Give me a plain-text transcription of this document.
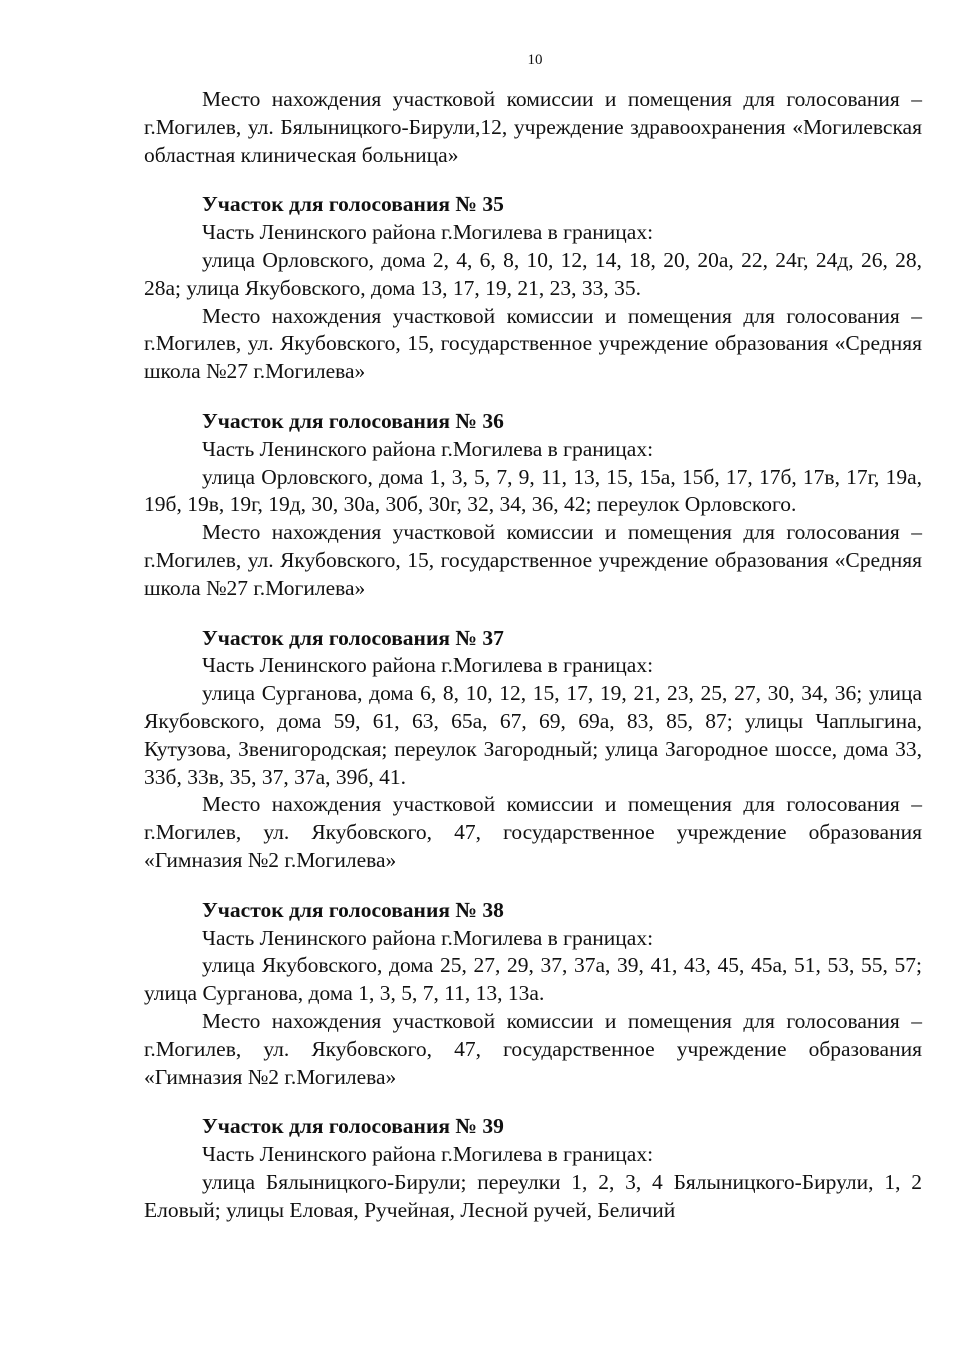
10

Место нахождения участковой комиссии и помещения для голосования – г.Могилев, ул. Бялыницкого-Бирули,12, учреждение здравоохранения «Могилевская областная клиническая больница»

Участок для голосования № 35

Часть Ленинского района г.Могилева в границах:

улица Орловского, дома 2, 4, 6, 8, 10, 12, 14, 18, 20, 20а, 22, 24г, 24д, 26, 28, 28а; улица Якубовского, дома 13, 17, 19, 21, 23, 33, 35.

Место нахождения участковой комиссии и помещения для голосования – г.Могилев, ул. Якубовского, 15, государственное учреждение образования «Средняя школа №27 г.Могилева»

Участок для голосования № 36

Часть Ленинского района г.Могилева в границах:

улица Орловского, дома 1, 3, 5, 7, 9, 11, 13, 15, 15а, 15б, 17, 17б, 17в, 17г, 19а, 19б, 19в, 19г, 19д, 30, 30а, 30б, 30г, 32, 34, 36, 42; переулок Орловского.

Место нахождения участковой комиссии и помещения для голосования – г.Могилев, ул. Якубовского, 15, государственное учреждение образования «Средняя школа №27 г.Могилева»

Участок для голосования № 37

Часть Ленинского района г.Могилева в границах:

улица Сурганова, дома 6, 8, 10, 12, 15, 17, 19, 21, 23, 25, 27, 30, 34, 36; улица Якубовского, дома 59, 61, 63, 65а, 67, 69, 69а, 83, 85, 87; улицы Чаплыгина, Кутузова, Звенигородская; переулок Загородный; улица Загородное шоссе, дома 33, 33б, 33в, 35, 37, 37а, 39б, 41.

Место нахождения участковой комиссии и помещения для голосования – г.Могилев, ул. Якубовского, 47, государственное учреждение образования «Гимназия №2 г.Могилева»

Участок для голосования № 38

Часть Ленинского района г.Могилева в границах:

улица Якубовского, дома 25, 27, 29, 37, 37а, 39, 41, 43, 45, 45а, 51, 53, 55, 57; улица Сурганова, дома 1, 3, 5, 7, 11, 13, 13а.

Место нахождения участковой комиссии и помещения для голосования – г.Могилев, ул. Якубовского, 47, государственное учреждение образования «Гимназия №2 г.Могилева»

Участок для голосования № 39

Часть Ленинского района г.Могилева в границах:

улица Бялыницкого-Бирули; переулки 1, 2, 3, 4 Бялыницкого-Бирули, 1, 2 Еловый; улицы Еловая, Ручейная, Лесной ручей, Беличий
